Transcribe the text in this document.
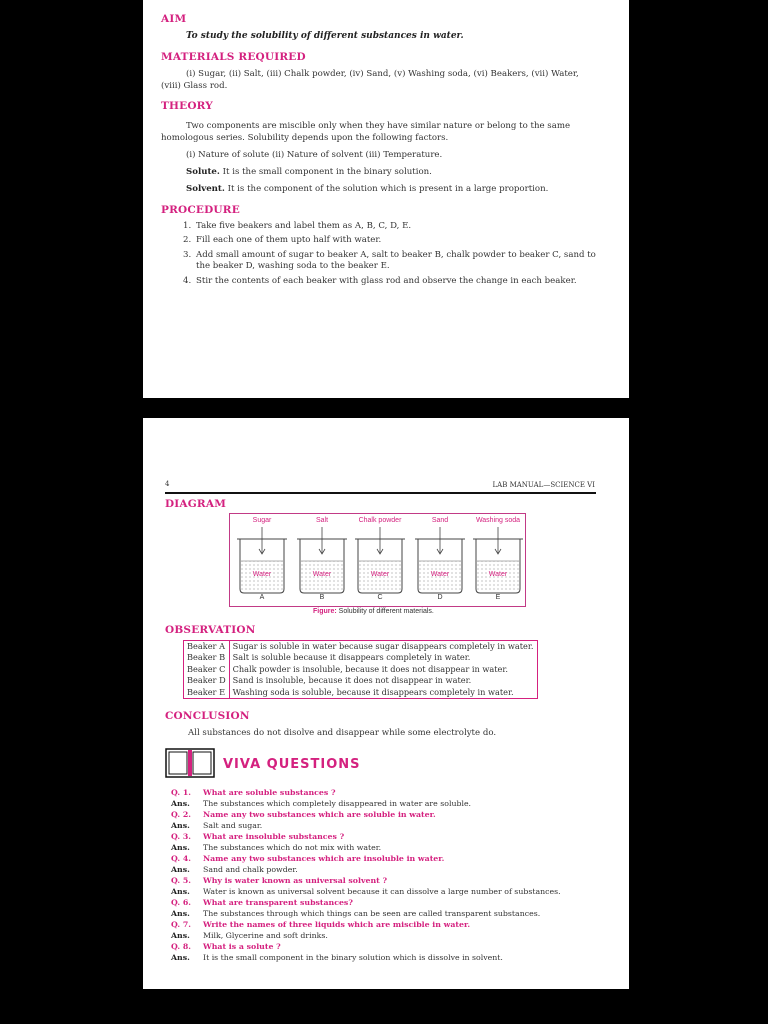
AIM
To study the solubility of different substances in water.
MATERIALS REQUIRED
(i) Sugar, (ii) Salt, (iii) Chalk powder, (iv) Sand, (v) Washing soda, (vi) Beakers, (vii) Water,
(viii) Glass rod.
THEORY
Two components are miscible only when they have similar nature or belong to the same
homologous series. Solubility depends upon the following factors.
(i) Nature of solute (ii) Nature of solvent (iii) Temperature.
Solute. It is the small component in the binary solution.
Solvent. It is the component of the solution which is present in a large proportion.
PROCEDURE
1. Take five beakers and label them as A, B, C, D, E.
2. Fill each one of them upto half with water.
3. Add small amount of sugar to beaker A, salt to beaker B, chalk powder to beaker C, sand to the beaker D, washing soda to the beaker E.
4. Stir the contents of each beaker with glass rod and observe the change in each beaker.
4	LAB MANUAL—SCIENCE VI
DIAGRAM
Sugar	Salt	Chalk powder	Sand	Washing soda
Water	Water	Water	Water	Water
A	B	C	D	E
Figure: Solubility of different materials.
OBSERVATION
Beaker A	Sugar is soluble in water because sugar disappears completely in water.
Beaker B	Salt is soluble because it disappears completely in water.
Beaker C	Chalk powder is insoluble, because it does not disappear in water.
Beaker D	Sand is insoluble, because it does not disappear in water.
Beaker E	Washing soda is soluble, because it disappears completely in water.
CONCLUSION
All substances do not disolve and disappear while some electrolyte do.
VIVA QUESTIONS
Q. 1. What are soluble substances ?
Ans. The substances which completely disappeared in water are soluble.
Q. 2. Name any two substances which are soluble in water.
Ans. Salt and sugar.
Q. 3. What are insoluble substances ?
Ans. The substances which do not mix with water.
Q. 4. Name any two substances which are insoluble in water.
Ans. Sand and chalk powder.
Q. 5. Why is water known as universal solvent ?
Ans. Water is known as universal solvent because it can dissolve a large number of substances.
Q. 6. What are transparent substances?
Ans. The substances through which things can be seen are called transparent substances.
Q. 7. Write the names of three liquids which are miscible in water.
Ans. Milk, Glycerine and soft drinks.
Q. 8. What is a solute ?
Ans. It is the small component in the binary solution which is dissolve in solvent.
